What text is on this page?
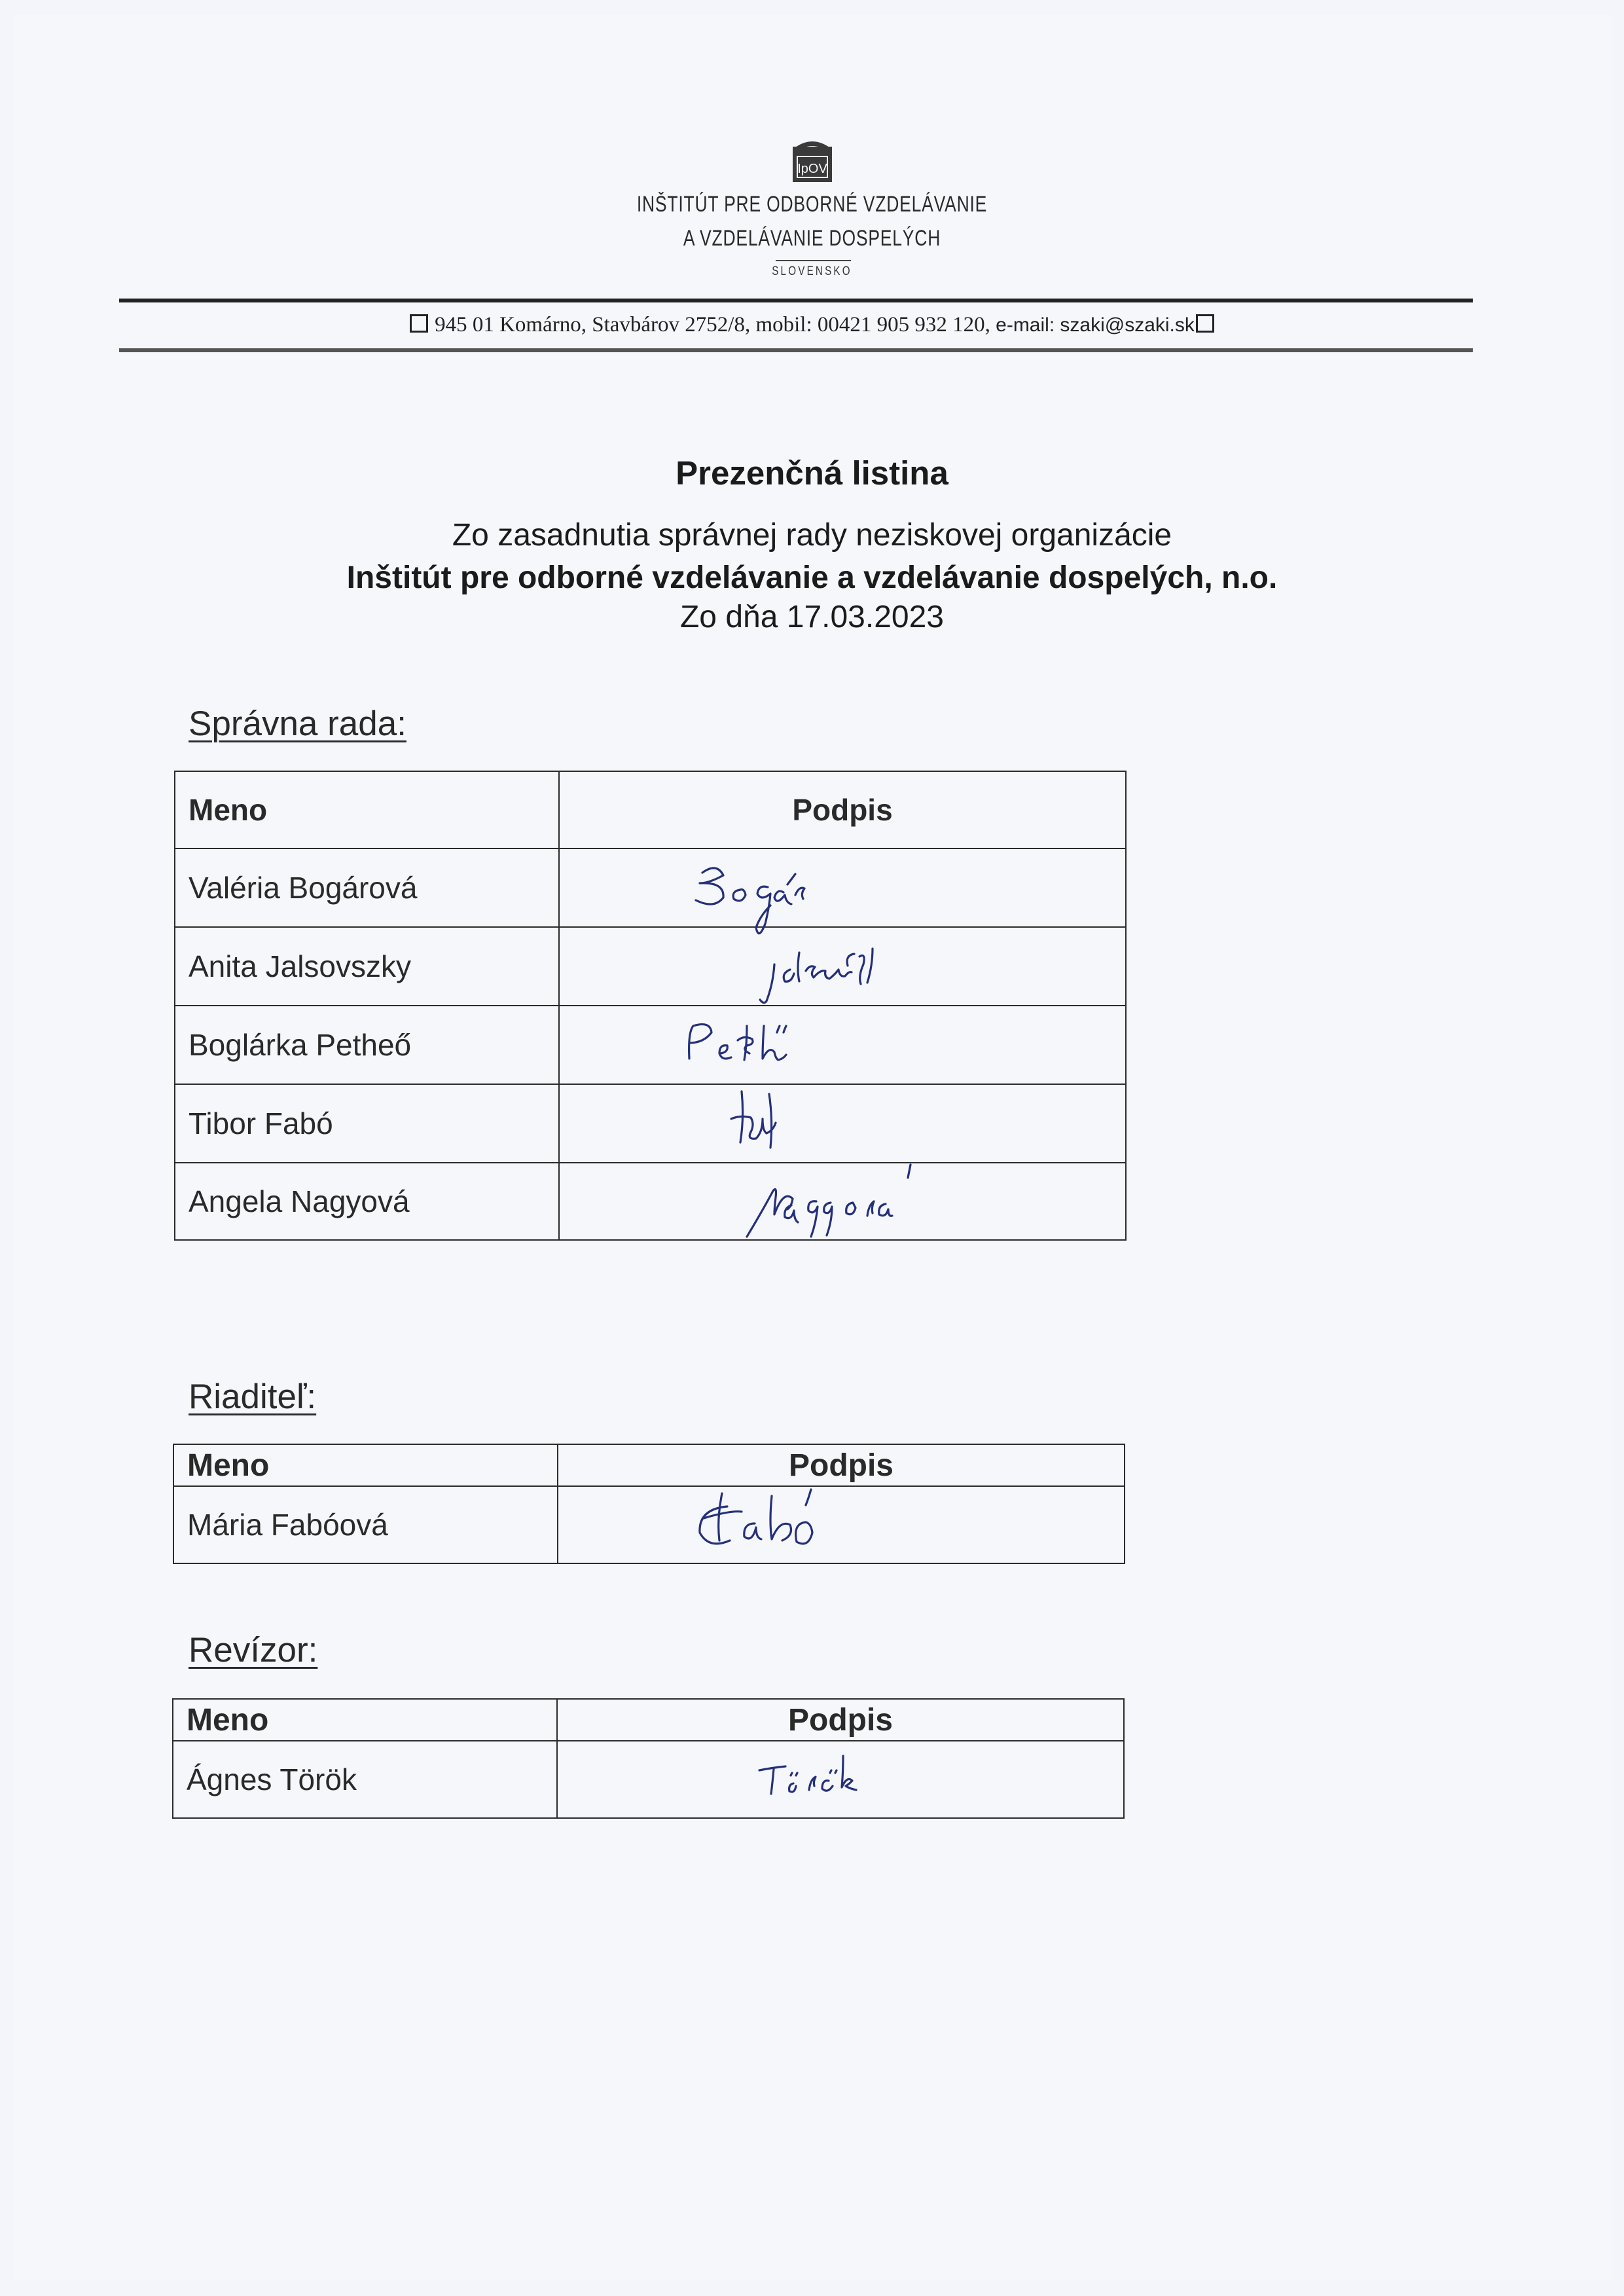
IpOV
INŠTITÚT PRE ODBORNÉ VZDELÁVANIE
A VZDELÁVANIE DOSPELÝCH
SLOVENSKO
945 01 Komárno, Stavbárov 2752/8, mobil: 00421 905 932 120, e-mail: szaki@szaki.sk
Prezenčná listina
Zo zasadnutia správnej rady neziskovej organizácie
Inštitút pre odborné vzdelávanie a vzdelávanie dospelých, n.o.
Zo dňa 17.03.2023
Správna rada:
Meno	Podpis
Valéria Bogárová	

Anita Jalsovszky	

Boglárka Petheő	

Tibor Fabó	

Angela Nagyová	
Riaditeľ:
Meno	Podpis
Mária Fabóová	
Revízor:
Meno	Podpis
Ágnes Török	
